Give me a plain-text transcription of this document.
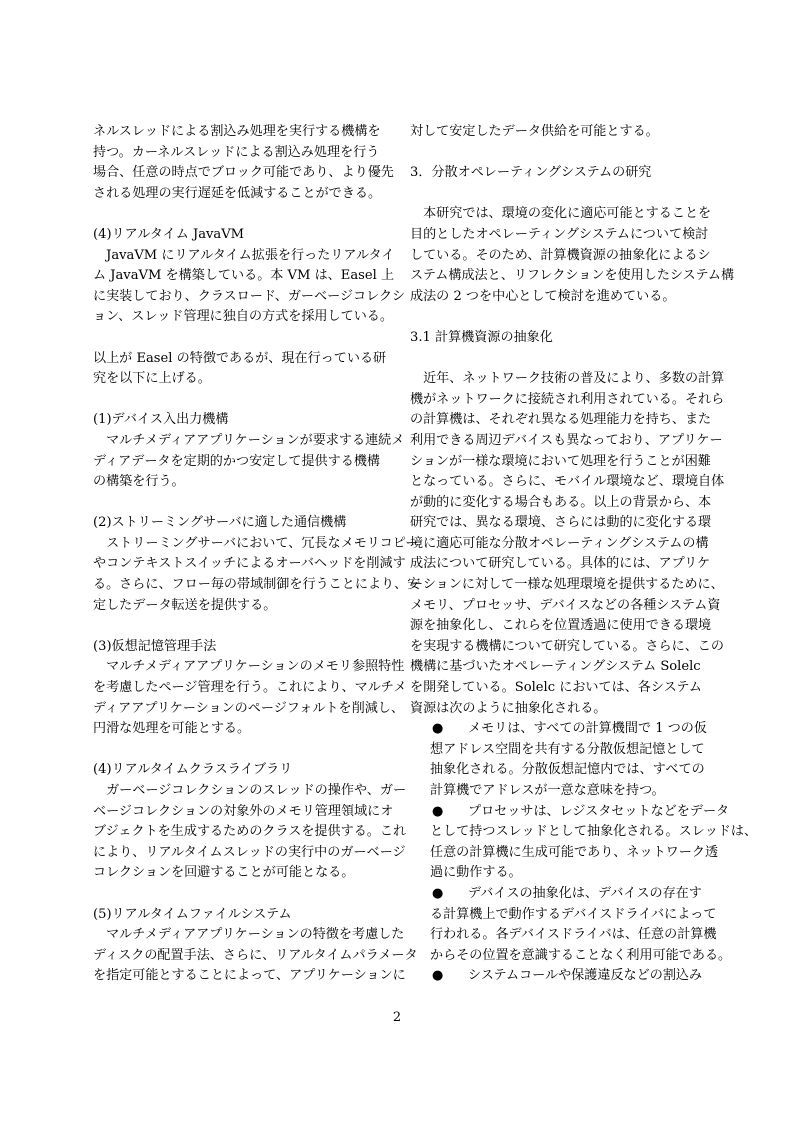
ネルスレッドによる割込み処理を実行する機構を

持つ。カーネルスレッドによる割込み処理を行う

場合、任意の時点でブロック可能であり、より優先

される処理の実行遅延を低減することができる。

(4)リアルタイム JavaVM

JavaVM にリアルタイム拡張を行ったリアルタイ

ム JavaVM を構築している。本 VM は、Easel 上

に実装しており、クラスロード、ガーベージコレクシ

ョン、スレッド管理に独自の方式を採用している。

以上が Easel の特徴であるが、現在行っている研

究を以下に上げる。

(1)デバイス入出力機構

マルチメディアアプリケーションが要求する連続メ

ディアデータを定期的かつ安定して提供する機構

の構築を行う。

(2)ストリーミングサーバに適した通信機構

ストリーミングサーバにおいて、冗長なメモリコピー

やコンテキストスイッチによるオーバヘッドを削減す

る。さらに、フロー毎の帯域制御を行うことにより、安

定したデータ転送を提供する。

(3)仮想記憶管理手法

マルチメディアアプリケーションのメモリ参照特性

を考慮したページ管理を行う。これにより、マルチメ

ディアアプリケーションのページフォルトを削減し、

円滑な処理を可能とする。

(4)リアルタイムクラスライブラリ

ガーベージコレクションのスレッドの操作や、ガー

ベージコレクションの対象外のメモリ管理領域にオ

ブジェクトを生成するためのクラスを提供する。これ

により、リアルタイムスレッドの実行中のガーベージ

コレクションを回避することが可能となる。

(5)リアルタイムファイルシステム

マルチメディアアプリケーションの特徴を考慮した

ディスクの配置手法、さらに、リアルタイムパラメータ

を指定可能とすることによって、アプリケーションに

対して安定したデータ供給を可能とする。

3．分散オペレーティングシステムの研究

本研究では、環境の変化に適応可能とすることを

目的としたオペレーティングシステムについて検討

している。そのため、計算機資源の抽象化によるシ

ステム構成法と、リフレクションを使用したシステム構

成法の 2 つを中心として検討を進めている。

3.1 計算機資源の抽象化

近年、ネットワーク技術の普及により、多数の計算

機がネットワークに接続され利用されている。それら

の計算機は、それぞれ異なる処理能力を持ち、また

利用できる周辺デバイスも異なっており、アプリケー

ションが一様な環境において処理を行うことが困難

となっている。さらに、モバイル環境など、環境自体

が動的に変化する場合もある。以上の背景から、本

研究では、異なる環境、さらには動的に変化する環

境に適応可能な分散オペレーティングシステムの構

成法について研究している。具体的には、アプリケ

ーションに対して一様な処理環境を提供するために、

メモリ、プロセッサ、デバイスなどの各種システム資

源を抽象化し、これらを位置透過に使用できる環境

を実現する機構について研究している。さらに、この

機構に基づいたオペレーティングシステム Solelc

を開発している。Solelc においては、各システム

資源は次のように抽象化される。

● メモリは、すべての計算機間で 1 つの仮

想アドレス空間を共有する分散仮想記憶として

抽象化される。分散仮想記憶内では、すべての

計算機でアドレスが一意な意味を持つ。

● プロセッサは、レジスタセットなどをデータ

として持つスレッドとして抽象化される。スレッドは、

任意の計算機に生成可能であり、ネットワーク透

過に動作する。

● デバイスの抽象化は、デバイスの存在す

る計算機上で動作するデバイスドライバによって

行われる。各デバイスドライバは、任意の計算機

からその位置を意識することなく利用可能である。

● システムコールや保護違反などの割込み

2
